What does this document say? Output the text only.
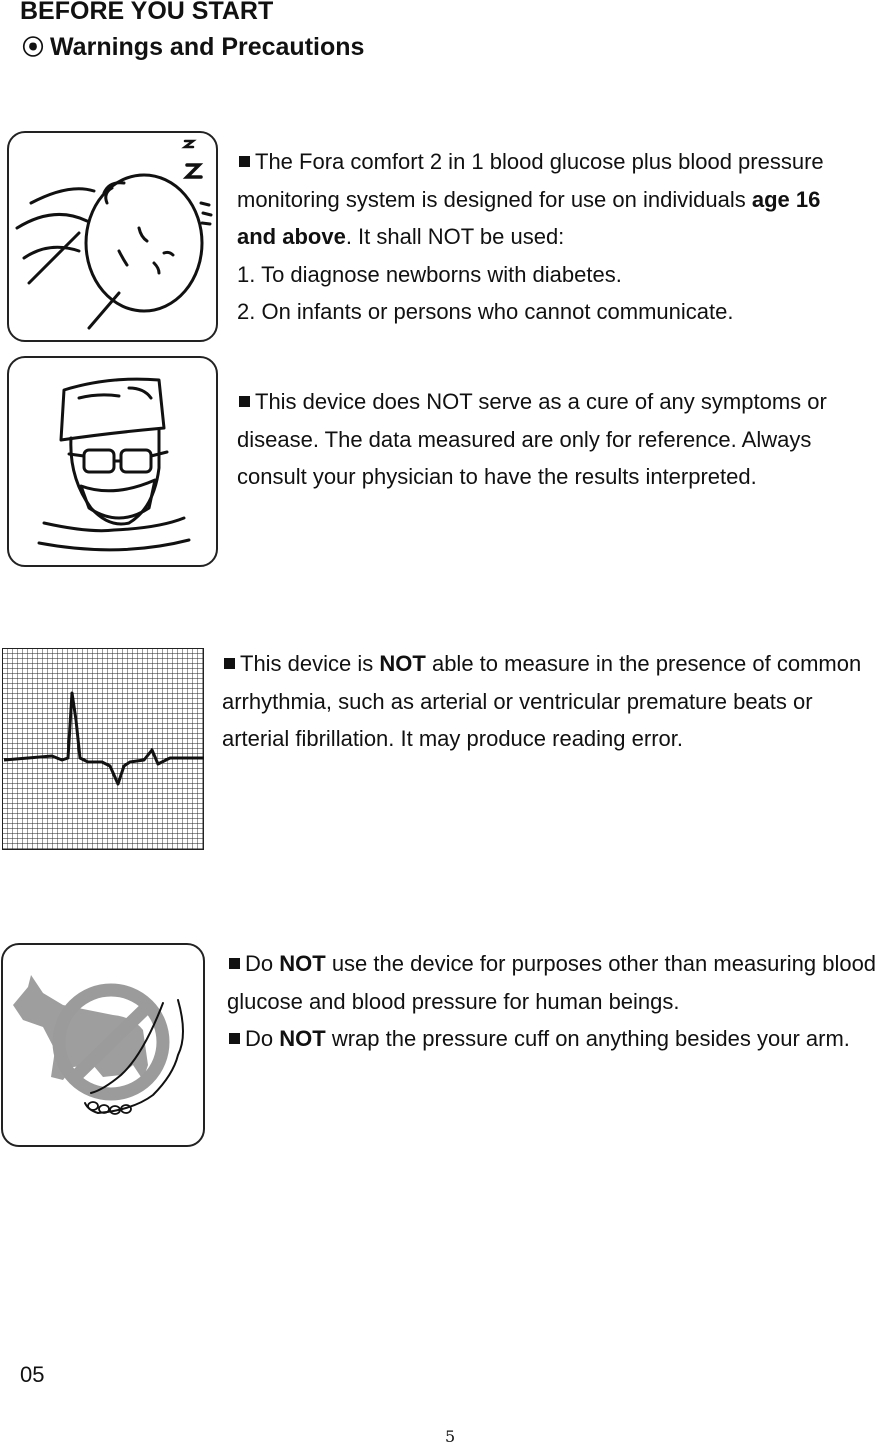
BEFORE YOU START

⦿ Warnings and Precautions

The Fora comfort 2 in 1 blood glucose plus blood pressure monitoring system is designed for use on individuals age 16 and above. It shall NOT be used:

1. To diagnose newborns with diabetes.

2. On infants or persons who cannot communicate.

This device does NOT serve as a cure of any symptoms or disease. The data measured are only for reference. Always consult your physician to have the results interpreted.

This device is NOT able to measure in the presence of common arrhythmia, such as arterial or ventricular premature beats or arterial fibrillation. It may produce reading error.

Do NOT use the device for purposes other than measuring blood glucose and blood pressure for human beings.

Do NOT wrap the pressure cuff on anything besides your arm.

05
5
